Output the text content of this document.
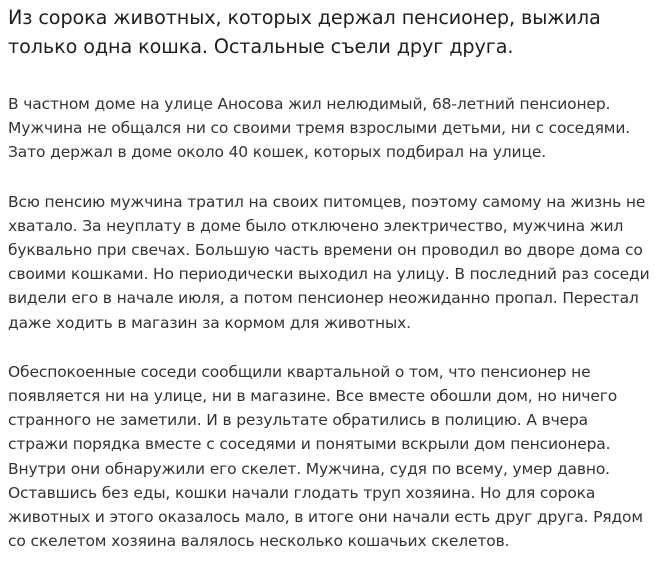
Из сорока животных, которых держал пенсионер, выжила только одна кошка. Остальные съели друг друга.

В частном доме на улице Аносова жил нелюдимый, 68-летний пенсионер. Мужчина не общался ни со своими тремя взрослыми детьми, ни с соседями. Зато держал в доме около 40 кошек, которых подбирал на улице.

Всю пенсию мужчина тратил на своих питомцев, поэтому самому на жизнь не хватало. За неуплату в доме было отключено электричество, мужчина жил буквально при свечах. Большую часть времени он проводил во дворе дома со своими кошками. Но периодически выходил на улицу. В последний раз соседи видели его в начале июля, а потом пенсионер неожиданно пропал. Перестал даже ходить в магазин за кормом для животных.

Обеспокоенные соседи сообщили квартальной о том, что пенсионер не появляется ни на улице, ни в магазине. Все вместе обошли дом, но ничего странного не заметили. И в результате обратились в полицию. А вчера стражи порядка вместе с соседями и понятыми вскрыли дом пенсионера. Внутри они обнаружили его скелет. Мужчина, судя по всему, умер давно. Оставшись без еды, кошки начали глодать труп хозяина. Но для сорока животных и этого оказалось мало, в итоге они начали есть друг друга. Рядом со скелетом хозяина валялось несколько кошачьих скелетов.
